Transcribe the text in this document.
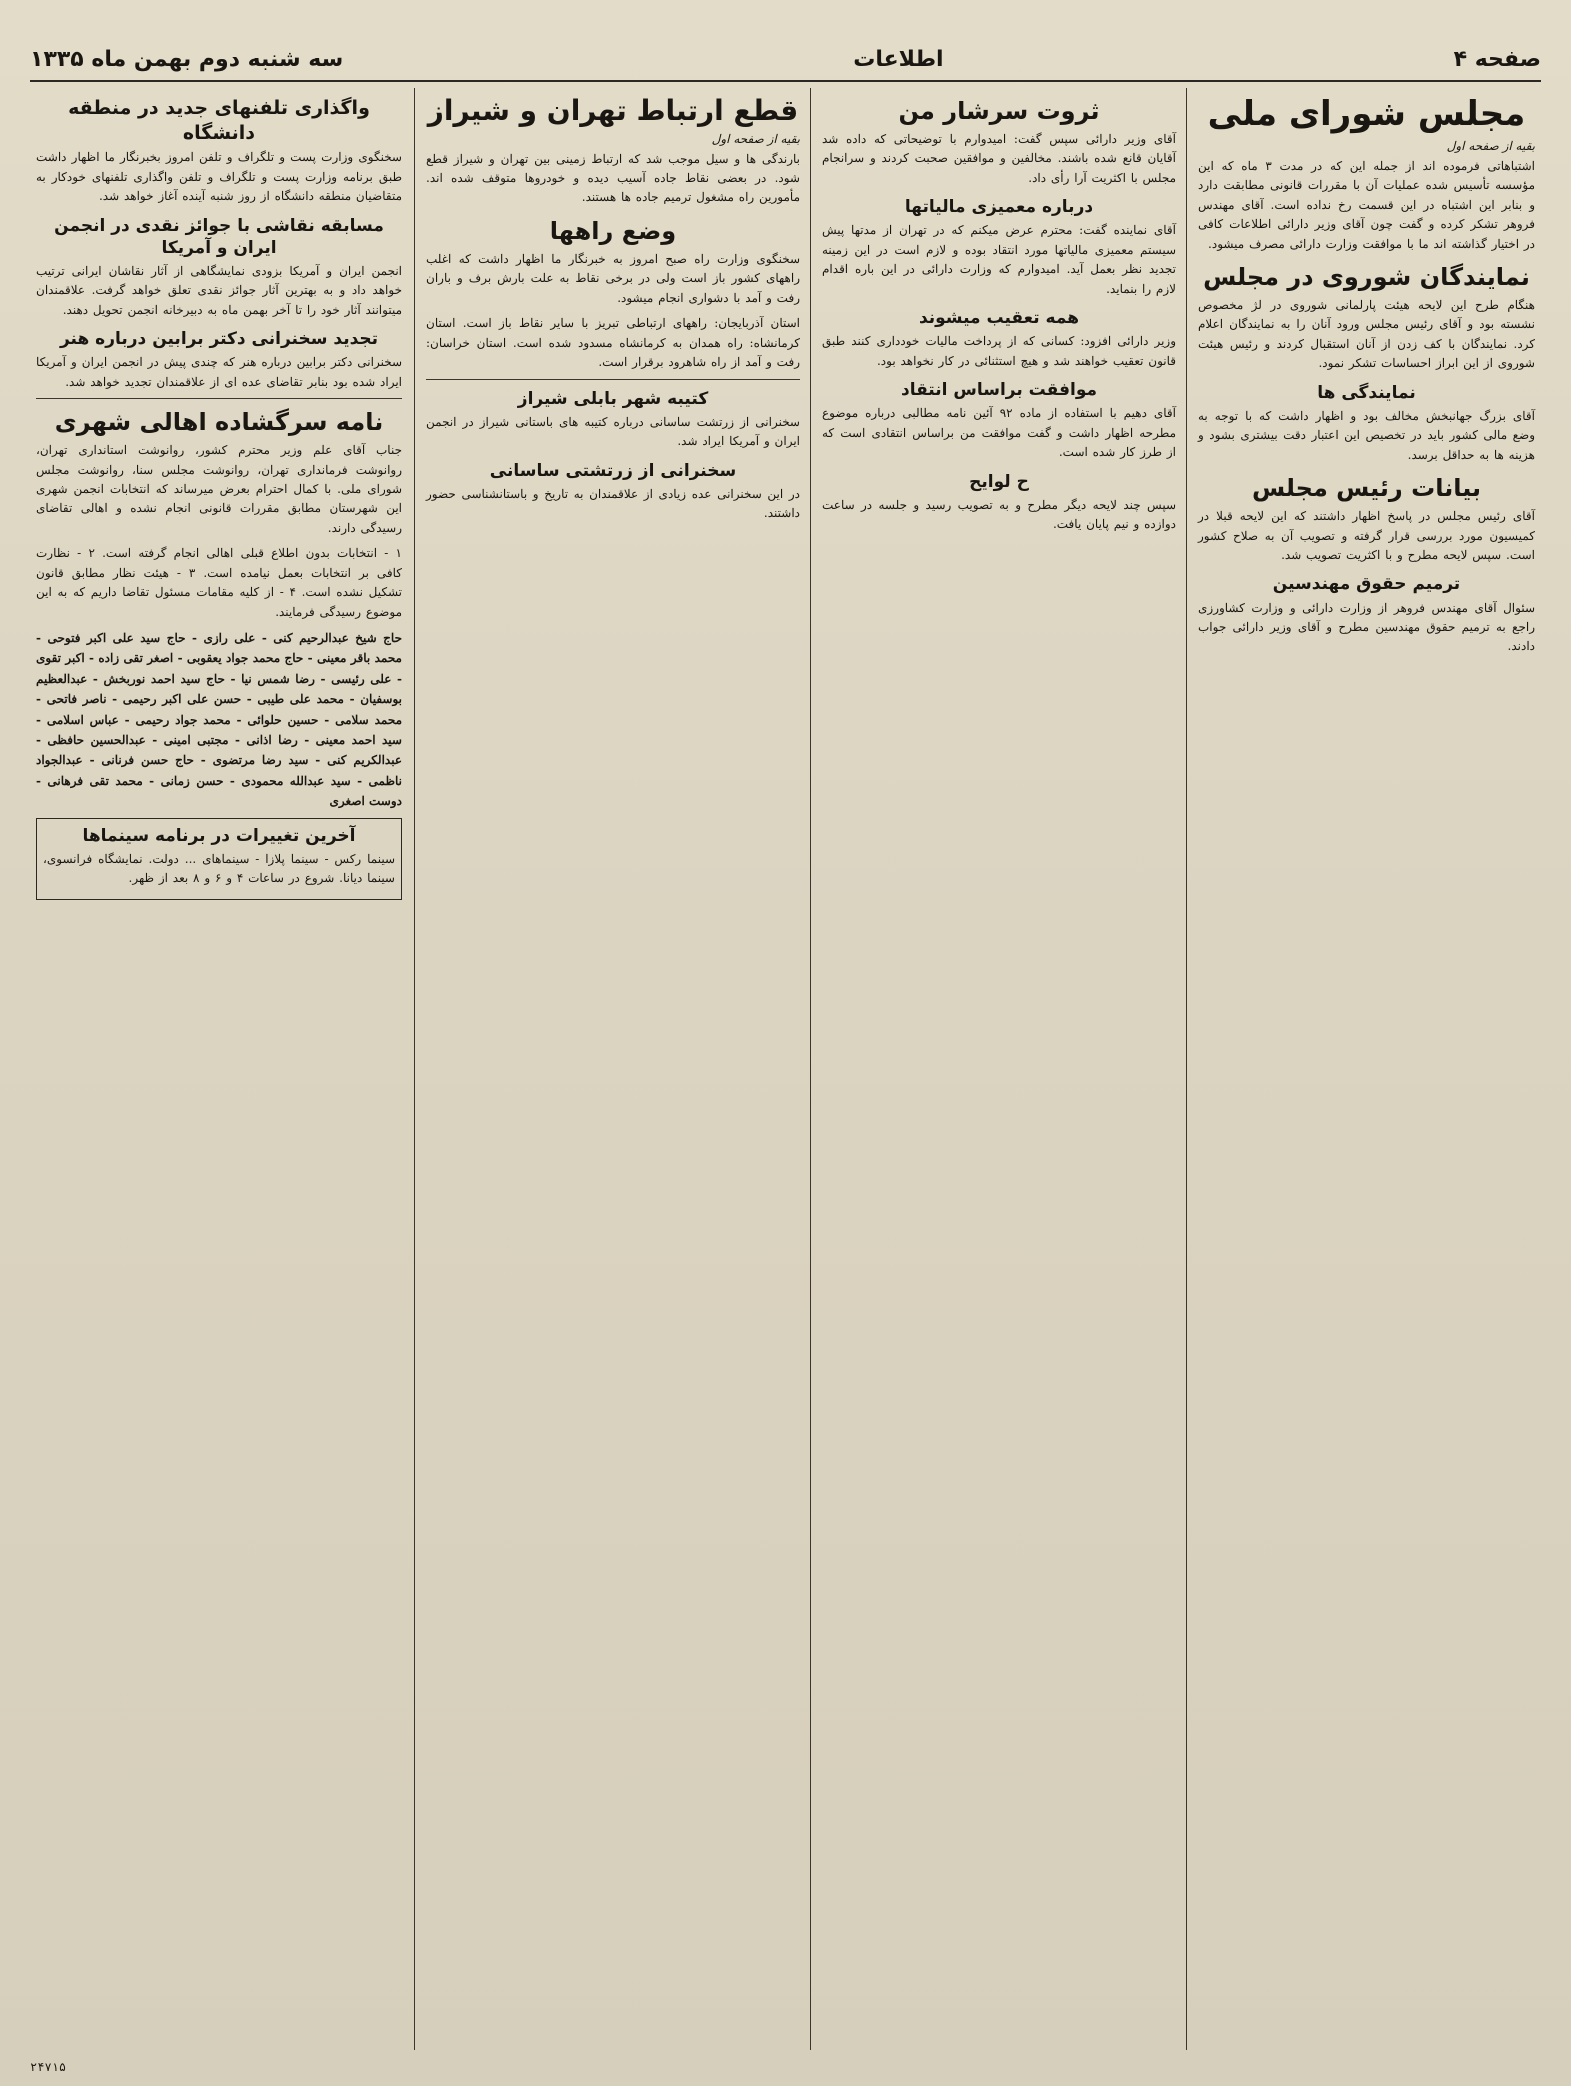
صفحه ۴
اطلاعات
سه شنبه دوم بهمن ماه ۱۳۳۵
مجلس شورای ملی
بقیه از صفحه اول

اشتباهاتی فرموده اند از جمله این که در مدت ۳ ماه که این مؤسسه تأسیس شده عملیات آن با مقررات قانونی مطابقت دارد و بنابر این اشتباه در این قسمت رخ نداده است. آقای مهندس فروهر تشکر کرده و گفت چون آقای وزیر دارائی اطلاعات کافی در اختیار گذاشته اند ما با موافقت وزارت دارائی مصرف میشود.

نمایندگان شوروی در مجلس

هنگام طرح این لایحه هیئت پارلمانی شوروی در لژ مخصوص نشسته بود و آقای رئیس مجلس ورود آنان را به نمایندگان اعلام کرد. نمایندگان با کف زدن از آنان استقبال کردند و رئیس هیئت شوروی از این ابراز احساسات تشکر نمود.

نمایندگی ها

آقای بزرگ جهانبخش مخالف بود و اظهار داشت که با توجه به وضع مالی کشور باید در تخصیص این اعتبار دقت بیشتری بشود و هزینه ها به حداقل برسد.

بیانات رئیس مجلس

آقای رئیس مجلس در پاسخ اظهار داشتند که این لایحه قبلا در کمیسیون مورد بررسی قرار گرفته و تصویب آن به صلاح کشور است. سپس لایحه مطرح و با اکثریت تصویب شد.

ترمیم حقوق مهندسین

سئوال آقای مهندس فروهر از وزارت دارائی و وزارت کشاورزی راجع به ترمیم حقوق مهندسین مطرح و آقای وزیر دارائی جواب دادند.

ثروت سرشار من

آقای وزیر دارائی سپس گفت: امیدوارم با توضیحاتی که داده شد آقایان قانع شده باشند. مخالفین و موافقین صحبت کردند و سرانجام مجلس با اکثریت آرا رأی داد.

درباره معمیزی مالیاتها

آقای نماینده گفت: محترم عرض میکنم که در تهران از مدتها پیش سیستم معمیزی مالیاتها مورد انتقاد بوده و لازم است در این زمینه تجدید نظر بعمل آید. امیدوارم که وزارت دارائی در این باره اقدام لازم را بنماید.

همه تعقیب میشوند

وزیر دارائی افزود: کسانی که از پرداخت مالیات خودداری کنند طبق قانون تعقیب خواهند شد و هیچ استثنائی در کار نخواهد بود.

موافقت براساس انتقاد

آقای دهیم با استفاده از ماده ۹۲ آئین نامه مطالبی درباره موضوع مطرحه اظهار داشت و گفت موافقت من براساس انتقادی است که از طرز کار شده است.

ح لوایح

سپس چند لایحه دیگر مطرح و به تصویب رسید و جلسه در ساعت دوازده و نیم پایان یافت.

قطع ارتباط تهران و شیراز
بقیه از صفحه اول

بارندگی ها و سیل موجب شد که ارتباط زمینی بین تهران و شیراز قطع شود. در بعضی نقاط جاده آسیب دیده و خودروها متوقف شده اند. مأمورین راه مشغول ترمیم جاده ها هستند.

وضع راهها

سخنگوی وزارت راه صبح امروز به خبرنگار ما اظهار داشت که اغلب راههای کشور باز است ولی در برخی نقاط به علت بارش برف و باران رفت و آمد با دشواری انجام میشود.

استان آذربایجان: راههای ارتباطی تبریز با سایر نقاط باز است. استان کرمانشاه: راه همدان به کرمانشاه مسدود شده است. استان خراسان: رفت و آمد از راه شاهرود برقرار است.

کتیبه شهر بابلی شیراز

سخنرانی از زرتشت ساسانی درباره کتیبه های باستانی شیراز در انجمن ایران و آمریکا ایراد شد.

سخنرانی از زرتشتی ساسانی

در این سخنرانی عده زیادی از علاقمندان به تاریخ و باستانشناسی حضور داشتند.

واگذاری تلفنهای جدید در منطقه دانشگاه

سخنگوی وزارت پست و تلگراف و تلفن امروز بخبرنگار ما اظهار داشت طبق برنامه وزارت پست و تلگراف و تلفن واگذاری تلفنهای خودکار به متقاضیان منطقه دانشگاه از روز شنبه آینده آغاز خواهد شد.

مسابقه نقاشی با جوائز نقدی در انجمن ایران و آمریکا

انجمن ایران و آمریکا بزودی نمایشگاهی از آثار نقاشان ایرانی ترتیب خواهد داد و به بهترین آثار جوائز نقدی تعلق خواهد گرفت. علاقمندان میتوانند آثار خود را تا آخر بهمن ماه به دبیرخانه انجمن تحویل دهند.

تجدید سخنرانی دکتر برابین درباره هنر

سخنرانی دکتر برابین درباره هنر که چندی پیش در انجمن ایران و آمریکا ایراد شده بود بنابر تقاضای عده ای از علاقمندان تجدید خواهد شد.

نامه سرگشاده اهالی شهری

جناب آقای علم وزیر محترم کشور، روانوشت استانداری تهران، روانوشت فرمانداری تهران، روانوشت مجلس سنا، روانوشت مجلس شورای ملی. با کمال احترام بعرض میرساند که انتخابات انجمن شهری این شهرستان مطابق مقررات قانونی انجام نشده و اهالی تقاضای رسیدگی دارند.

۱ - انتخابات بدون اطلاع قبلی اهالی انجام گرفته است. ۲ - نظارت کافی بر انتخابات بعمل نیامده است. ۳ - هیئت نظار مطابق قانون تشکیل نشده است. ۴ - از کلیه مقامات مسئول تقاضا داریم که به این موضوع رسیدگی فرمایند.

حاج شیخ عبدالرحیم کنی - علی رازی - حاج سید علی اکبر فتوحی - محمد باقر معینی - حاج محمد جواد یعقوبی - اصغر تقی زاده - اکبر تقوی - علی رئیسی - رضا شمس نیا - حاج سید احمد نوربخش - عبدالعظیم بوسفیان - محمد علی طیبی - حسن علی اکبر رحیمی - ناصر فاتحی - محمد سلامی - حسین حلوائی - محمد جواد رحیمی - عباس اسلامی - سید احمد معینی - رضا اذانی - مجتبی امینی - عبدالحسین حافظی - عبدالکریم کنی - سید رضا مرتضوی - حاج حسن فرنانی - عبدالجواد ناظمی - سید عبدالله محمودی - حسن زمانی - محمد تقی فرهانی - دوست اصغری
آخرین تغییرات در برنامه سینماها

سینما رکس - سینما پلازا - سینماهای ... دولت. نمایشگاه فرانسوی، سینما دیانا. شروع در ساعات ۴ و ۶ و ۸ بعد از ظهر.

۲۴۷۱۵
